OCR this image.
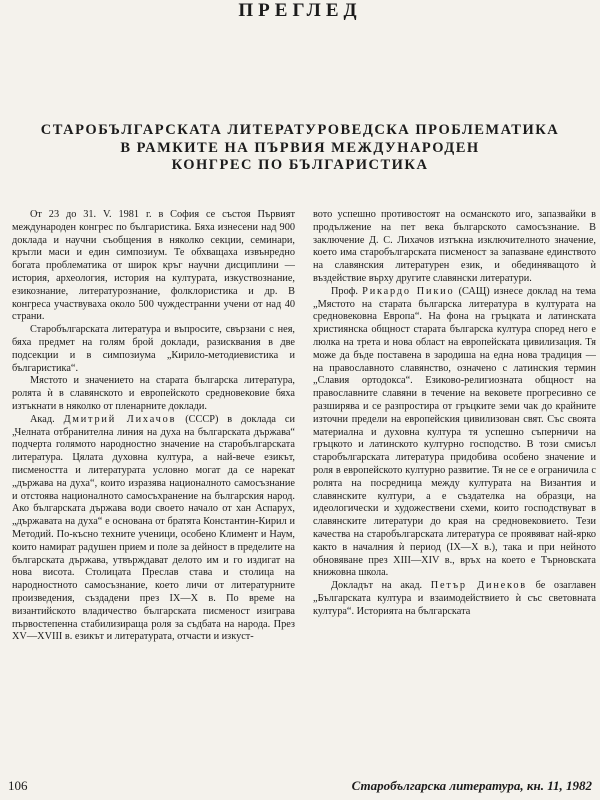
ПРЕГЛЕД
СТАРОБЪЛГАРСКАТА ЛИТЕРАТУРОВЕДСКА ПРОБЛЕМАТИКА
В РАМКИТЕ НА ПЪРВИЯ МЕЖДУНАРОДЕН
КОНГРЕС ПО БЪЛГАРИСТИКА

От 23 до 31. V. 1981 г. в София се състоя Първият международен конгрес по българистика. Бяха изнесени над 900 доклада и научни съобщения в няколко секции, семинари, кръгли маси и един симпозиум. Те обхващаха извънредно богата проблематика от широк кръг научни дисциплини — история, археология, история на културата, изкуствознание, езикознание, литературознание, фолклористика и др. В конгреса участвуваха около 500 чуждестранни учени от над 40 страни.

Старобългарската литература и въпросите, свързани с нея, бяха предмет на голям брой доклади, разисквания в две подсекции и в симпозиума „Кирило-методиевистика и българистика“.

Мястото и значението на старата българска литература, ролята ѝ в славянското и европейското средновековие бяха изтъкнати в няколко от пленарните доклади.

Акад. Дмитрий Лихачов (СССР) в доклада си „Челната отбранителна линия на духа на българската държава“ подчерта голямото народностно значение на старобългарската литература. Цялата духовна култура, а най-вече езикът, писмеността и литературата условно могат да се нарекат „държава на духа“, които изразява националното самосъзнание и отстоява националното самосъхранение на българския народ. Ако българската държава води своето начало от хан Аспарух, „държавата на духа“ е основана от братята Константин-Кирил и Методий. По-късно техните ученици, особено Климент и Наум, които намират радушен прием и поле за дейност в пределите на българската държава, утвърждават делото им и го издигат на нова висота. Столицата Преслав става и столица на народностното самосъзнание, което личи от литературните произведения, създадени през IX—X в. По време на византийското владичество българската писменост изиграва първостепенна стабилизираща роля за съдбата на народа. През XV—XVIII в. езикът и литературата, отчасти и изкуст-

вото успешно противостоят на османското иго, запазвайки в продължение на пет века българското самосъзнание. В заключение Д. С. Лихачов изтъкна изключителното значение, което има старобългарската писменост за запазване единството на славянския литературен език, и обединяващото ѝ въздействие върху другите славянски литератури.

Проф. Рикардо Пикио (САЩ) изнесе доклад на тема „Мястото на старата българска литература в културата на средновековна Европа“. На фона на гръцката и латинската християнска общност старата българска култура според него е люлка на трета и нова област на европейската цивилизация. Тя може да бъде поставена в зародиша на една нова традиция — на православното славянство, означено с латинския термин „Славия ортодокса“. Езиково-религиозната общност на православните славяни в течение на вековете прогресивно се разширява и се разпростира от гръцките земи чак до крайните източни предели на европейския цивилизован свят. Със своята материална и духовна култура тя успешно съперничи на гръцкото и латинското културно господство. В този смисъл старобългарската литература придобива особено значение и роля в европейското културно развитие. Тя не се е ограничила с ролята на посредница между културата на Византия и славянските култури, а е създателка на образци, на идеологически и художествени схеми, които господствуват в славянските литератури до края на средновековието. Тези качества на старобългарската литература се проявяват най-ярко както в началния ѝ период (IX—X в.), така и при нейното обновяване през XIII—XIV в., връх на което е Търновската книжовна школа.

Докладът на акад. Петър Динеков бе озаглавен „Българската култура и взаимодействието ѝ със световната култура“. Историята на българската

106	Старобългарска литература, кн. 11, 1982
